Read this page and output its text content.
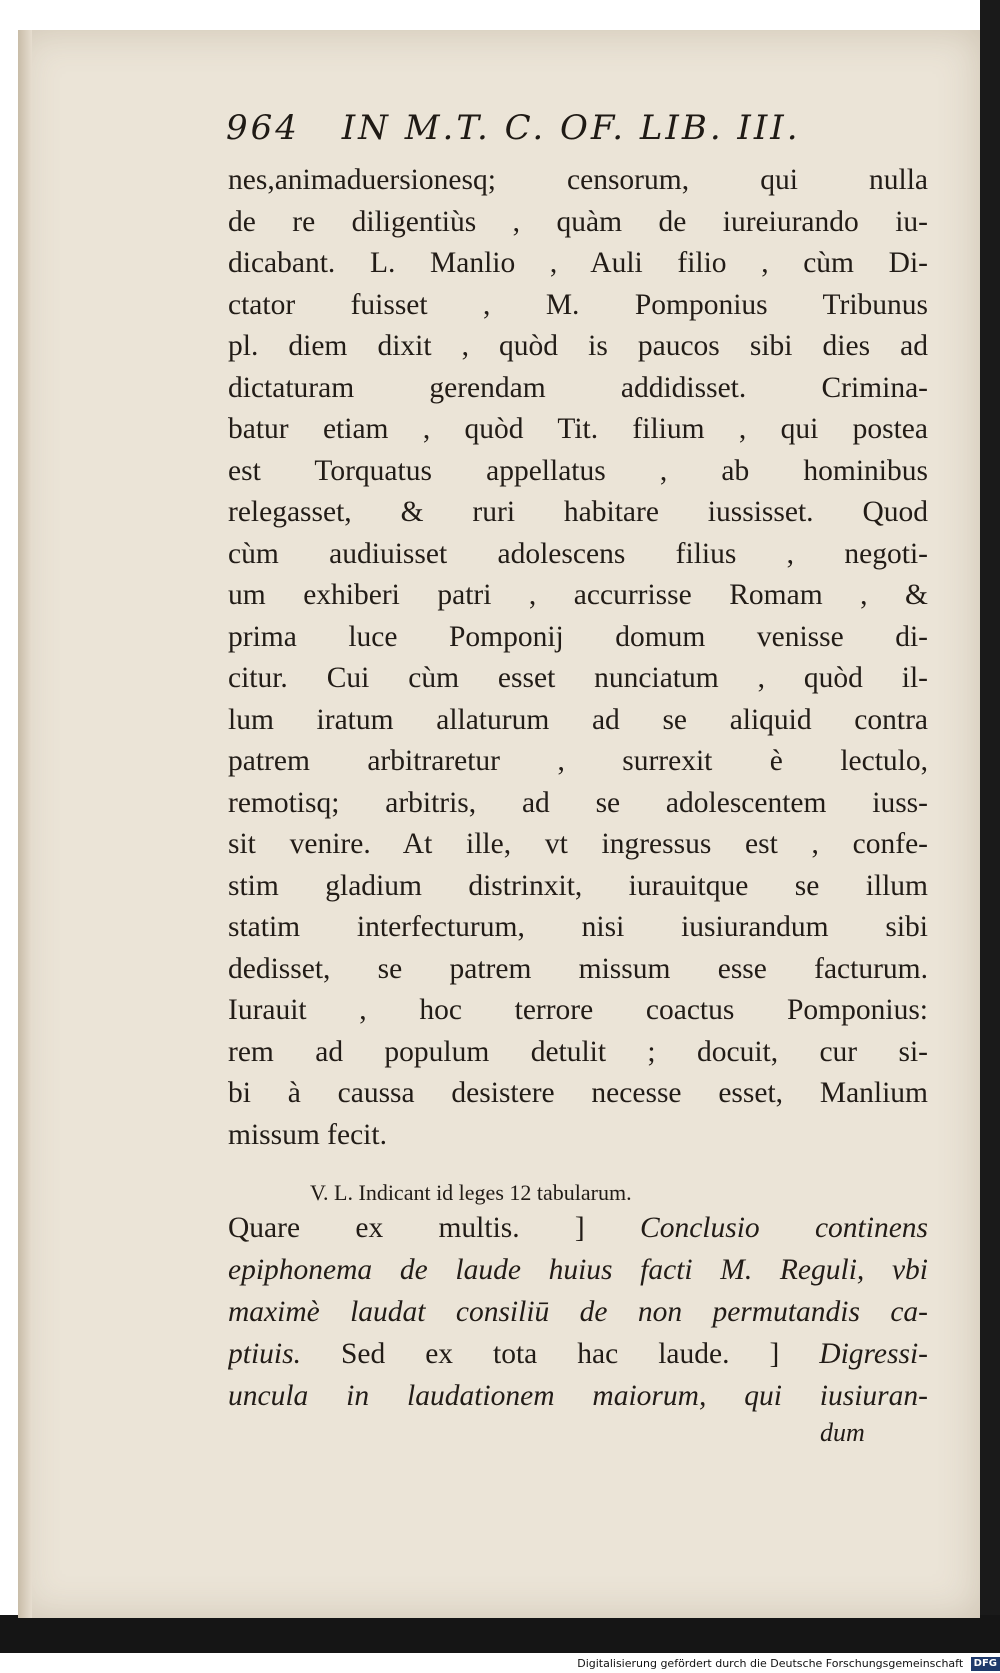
964 IN M.T. C. OF. LIB. III.
nes,animaduersionesq; censorum, qui nulla
de re diligentiùs , quàm de iureiurando iu-
dicabant. L. Manlio , Auli filio , cùm Di-
ctator fuisset , M. Pomponius Tribunus
pl. diem dixit , quòd is paucos sibi dies ad
dictaturam gerendam addidisset. Crimina-
batur etiam , quòd Tit. filium , qui postea
est Torquatus appellatus , ab hominibus
relegasset, & ruri habitare iussisset. Quod
cùm audiuisset adolescens filius , negoti-
um exhiberi patri , accurrisse Romam , &
prima luce Pomponij domum venisse di-
citur. Cui cùm esset nunciatum , quòd il-
lum iratum allaturum ad se aliquid contra
patrem arbitraretur , surrexit è lectulo,
remotisq; arbitris, ad se adolescentem iuss-
sit venire. At ille, vt ingressus est , confe-
stim gladium distrinxit, iurauitque se illum
statim interfecturum, nisi iusiurandum sibi
dedisset, se patrem missum esse facturum.
Iurauit , hoc terrore coactus Pomponius:
rem ad populum detulit ; docuit, cur si-
bi à caussa desistere necesse esset, Manlium
missum fecit.
V. L. Indicant id leges 12 tabularum.
Quare ex multis. ] Conclusio continens
epiphonema de laude huius facti M. Reguli, vbi
maximè laudat consiliū de non permutandis ca-
ptiuis. Sed ex tota hac laude. ] Digressi-
uncula in laudationem maiorum, qui iusiuran-
dum
Digitalisierung gefördert durch die Deutsche Forschungsgemeinschaft DFG
